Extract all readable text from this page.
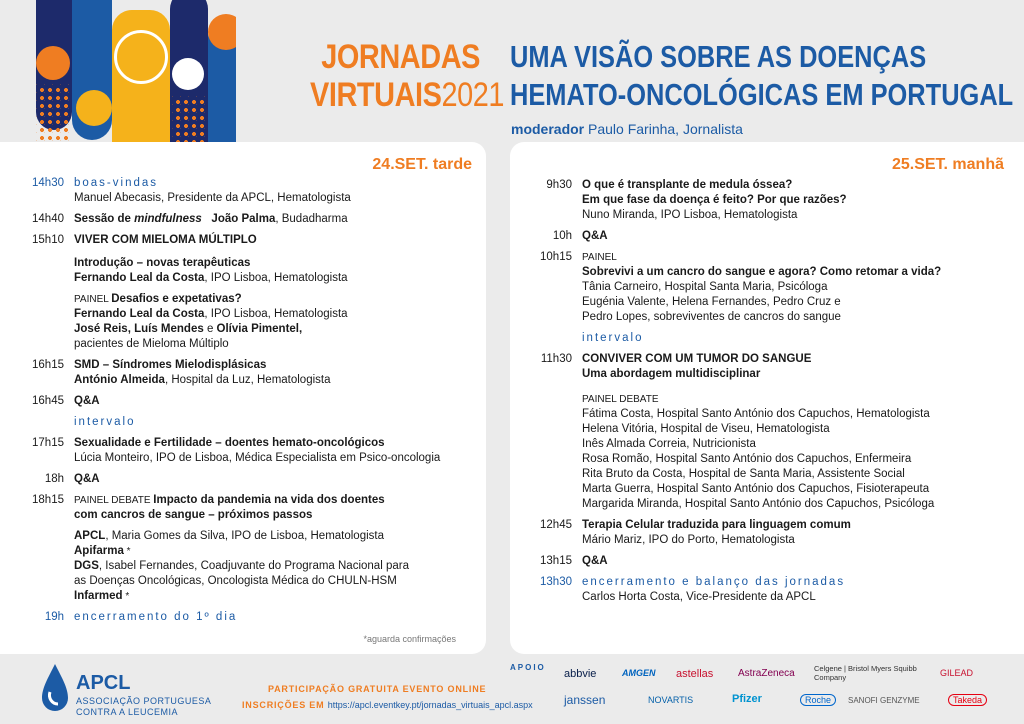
JORNADAS
VIRTUAIS2021
UMA VISÃO SOBRE AS DOENÇAS
HEMATO-ONCOLÓGICAS EM PORTUGAL
moderador Paulo Farinha, Jornalista
24.SET. tarde
14h30 boas-vindas
Manuel Abecasis, Presidente da APCL, Hematologista
14h40 Sessão de mindfulness João Palma, Budadharma
15h10 VIVER COM MIELOMA MÚLTIPLO
Introdução – novas terapêuticas
Fernando Leal da Costa, IPO Lisboa, Hematologista
PAINEL Desafios e expetativas?
Fernando Leal da Costa, IPO Lisboa, Hematologista
José Reis, Luís Mendes e Olívia Pimentel,
pacientes de Mieloma Múltiplo
16h15 SMD – Síndromes Mielodisplásicas
António Almeida, Hospital da Luz, Hematologista
16h45 Q&A
intervalo
17h15 Sexualidade e Fertilidade – doentes hemato-oncológicos
Lúcia Monteiro, IPO de Lisboa, Médica Especialista em Psico-oncologia
18h Q&A
18h15	PAINEL DEBATE Impacto da pandemia na vida dos doentes
com cancros de sangue – próximos passos
APCL, Maria Gomes da Silva, IPO de Lisboa, Hematologista
Apifarma *
DGS, Isabel Fernandes, Coadjuvante do Programa Nacional para
as Doenças Oncológicas, Oncologista Médica do CHULN-HSM
Infarmed *
19h encerramento do 1º dia
*aguarda confirmações
25.SET. manhã
9h30 O que é transplante de medula óssea?
Em que fase da doença é feito? Por que razões?
Nuno Miranda, IPO Lisboa, Hematologista
10h Q&A
10h15	PAINEL
Sobrevivi a um cancro do sangue e agora? Como retomar a vida?
Tânia Carneiro, Hospital Santa Maria, Psicóloga
Eugénia Valente, Helena Fernandes, Pedro Cruz e
Pedro Lopes, sobreviventes de cancros do sangue
intervalo
11h30 CONVIVER COM UM TUMOR DO SANGUE
Uma abordagem multidisciplinar
PAINEL DEBATE
Fátima Costa, Hospital Santo António dos Capuchos, Hematologista
Helena Vitória, Hospital de Viseu, Hematologista
Inês Almada Correia, Nutricionista
Rosa Romão, Hospital Santo António dos Capuchos, Enfermeira
Rita Bruto da Costa, Hospital de Santa Maria, Assistente Social
Marta Guerra, Hospital Santo António dos Capuchos, Fisioterapeuta
Margarida Miranda, Hospital Santo António dos Capuchos, Psicóloga
12h45 Terapia Celular traduzida para linguagem comum
Mário Mariz, IPO do Porto, Hematologista
13h15 Q&A
13h30 encerramento e balanço das jornadas
Carlos Horta Costa, Vice-Presidente da APCL
APCL
ASSOCIAÇÃO PORTUGUESA
CONTRA A LEUCEMIA
PARTICIPAÇÃO GRATUITA EVENTO ONLINE
INSCRIÇÕES EM https://apcl.eventkey.pt/jornadas_virtuais_apcl.aspx
APOIO
abbvie	AMGEN astellas AstraZeneca	Celgene | Bristol Myers Squibb Company	GILEAD
janssen	NOVARTIS	Pfizer	Roche	SANOFI GENZYME	Takeda
